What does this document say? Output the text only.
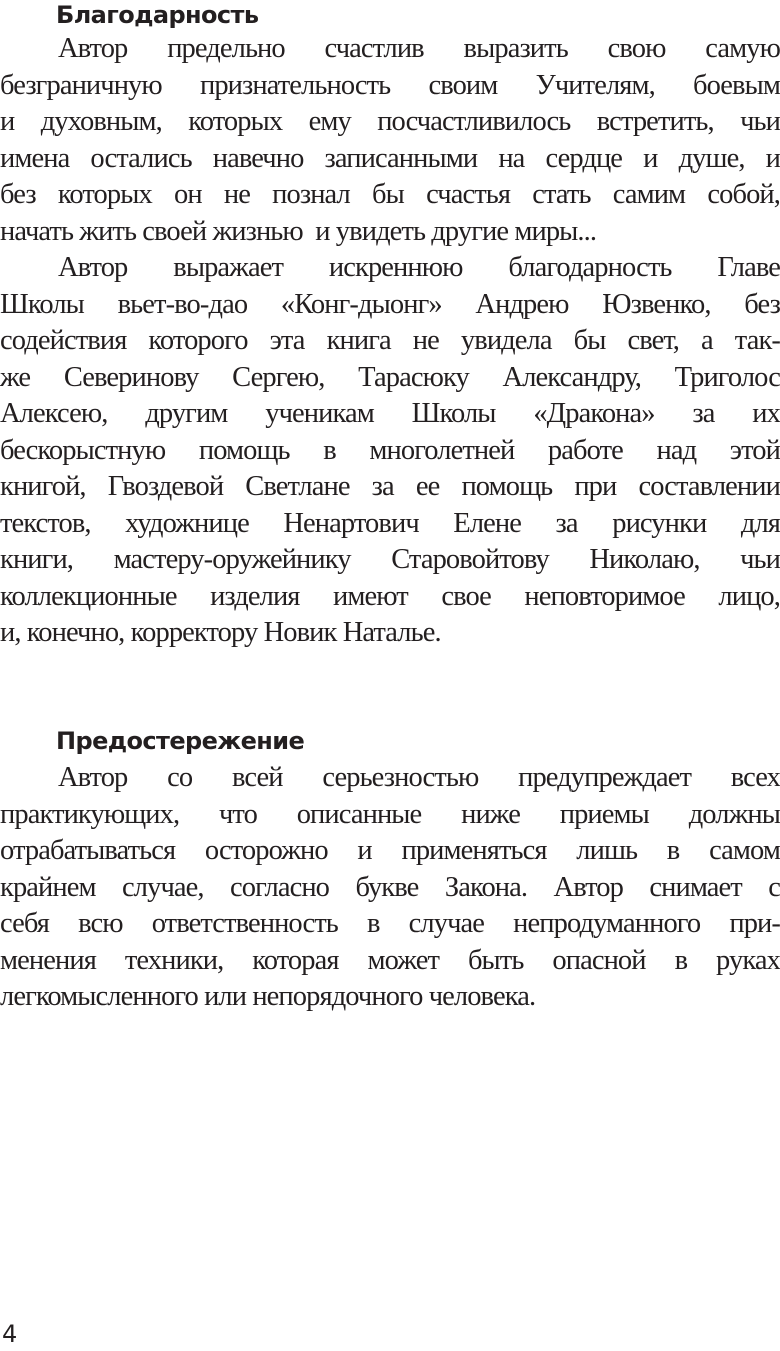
Благодарность
Автор предельно счастлив выразить свою самую
безграничную признательность своим Учителям, боевым
и духовным, которых ему посчастливилось встретить, чьи
имена остались навечно записанными на сердце и душе, и
без которых он не познал бы счастья стать самим собой,
начать жить своей жизнью  и увидеть другие миры...
Автор выражает искреннюю благодарность Главе
Школы вьет-во-дао «Конг-дыонг» Андрею Юзвенко, без
содействия которого эта книга не увидела бы свет, а так-
же Северинову Сергею, Тарасюку Александру, Триголос
Алексею, другим ученикам Школы «Дракона» за их
бескорыстную помощь в многолетней работе над этой
книгой, Гвоздевой Светлане за ее помощь при составлении
текстов, художнице Ненартович Елене за рисунки для
книги, мастеру-оружейнику Старовойтову Николаю, чьи
коллекционные изделия имеют свое неповторимое лицо,
и, конечно, корректору Новик Наталье.
Предостережение
Автор со всей серьезностью предупреждает всех
практикующих, что описанные ниже приемы должны
отрабатываться осторожно и применяться лишь в самом
крайнем случае, согласно букве Закона. Автор снимает с
себя всю ответственность в случае непродуманного при-
менения техники, которая может быть опасной в руках
легкомысленного или непорядочного человека.
4
